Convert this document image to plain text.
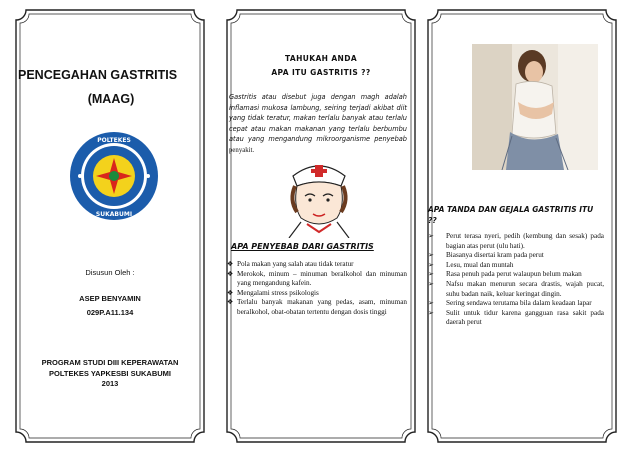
PENCEGAHAN GASTRITIS
(MAAG)
POLTEKES
SUKABUMI
Disusun Oleh :
ASEP BENYAMIN
029P.A11.134
PROGRAM STUDI DIII KEPERAWATAN
POLTEKES YAPKESBI SUKABUMI
2013
TAHUKAH ANDA
APA ITU GASTRITIS ??
Gastritis atau disebut juga dengan magh adalah inflamasi mukosa lambung, seiring terjadi akibat diit yang tidak teratur, makan terlalu banyak atau terlalu cepat atau makan makanan yang terlalu berbumbu atau yang mengandung mikroorganisme penyebab penyakit.
APA PENYEBAB DARI GASTRITIS
❖ Pola makan yang salah atau tidak teratur
❖ Merokok, minum – minuman beralkohol dan minuman yang mengandung kafein.
❖ Mengalami stress psikologis
❖ Terlalu banyak makanan yang pedas, asam, minuman beralkohol, obat-obatan tertentu dengan dosis tinggi
APA TANDA DAN GEJALA GASTRITIS ITU ??
➢ Perut terasa nyeri, pedih (kembung dan sesak) pada bagian atas perut (ulu hati).
➢ Biasanya disertai kram pada perut
➢ Lesu, mual dan muntah
➢ Rasa penuh pada perut walaupun belum makan
➢ Nafsu makan menurun secara drastis, wajah pucat, suhu badan naik, keluar keringat dingin.
➢ Sering sendawa terutama bila dalam keadaan lapar
➢ Sulit untuk tidur karena gangguan rasa sakit pada daerah perut
